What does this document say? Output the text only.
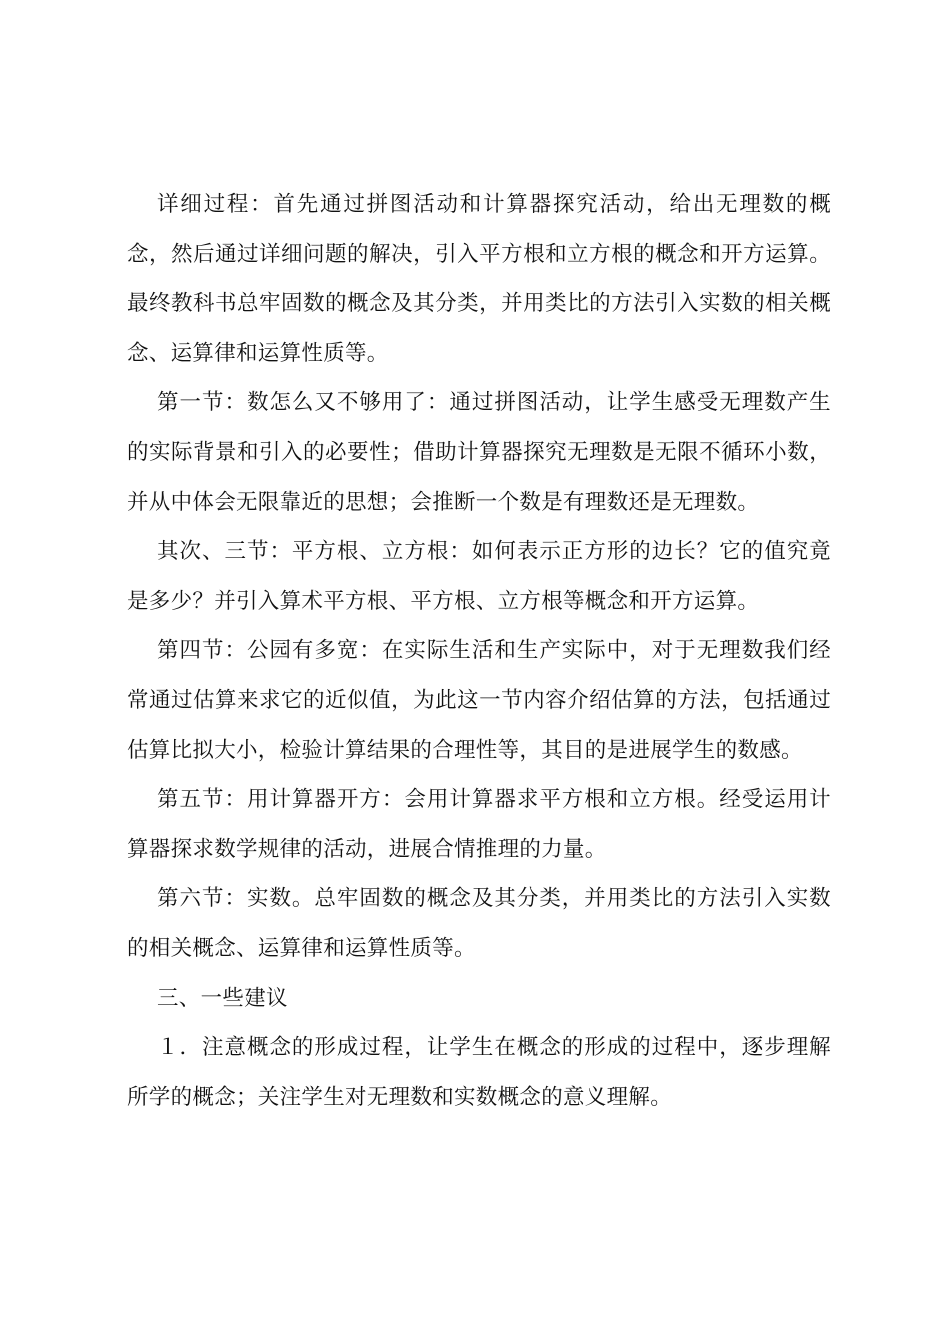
详细过程：首先通过拼图活动和计算器探究活动，给出无理数的概念，然后通过详细问题的解决，引入平方根和立方根的概念和开方运算。最终教科书总牢固数的概念及其分类，并用类比的方法引入实数的相关概念、运算律和运算性质等。

第一节：数怎么又不够用了：通过拼图活动，让学生感受无理数产生的实际背景和引入的必要性；借助计算器探究无理数是无限不循环小数，并从中体会无限靠近的思想；会推断一个数是有理数还是无理数。

其次、三节：平方根、立方根：如何表示正方形的边长？它的值究竟是多少？并引入算术平方根、平方根、立方根等概念和开方运算。

第四节：公园有多宽：在实际生活和生产实际中，对于无理数我们经常通过估算来求它的近似值，为此这一节内容介绍估算的方法，包括通过估算比拟大小，检验计算结果的合理性等，其目的是进展学生的数感。

第五节：用计算器开方：会用计算器求平方根和立方根。经受运用计算器探求数学规律的活动，进展合情推理的力量。

第六节：实数。总牢固数的概念及其分类，并用类比的方法引入实数的相关概念、运算律和运算性质等。

三、一些建议

１．注意概念的形成过程，让学生在概念的形成的过程中，逐步理解所学的概念；关注学生对无理数和实数概念的意义理解。
